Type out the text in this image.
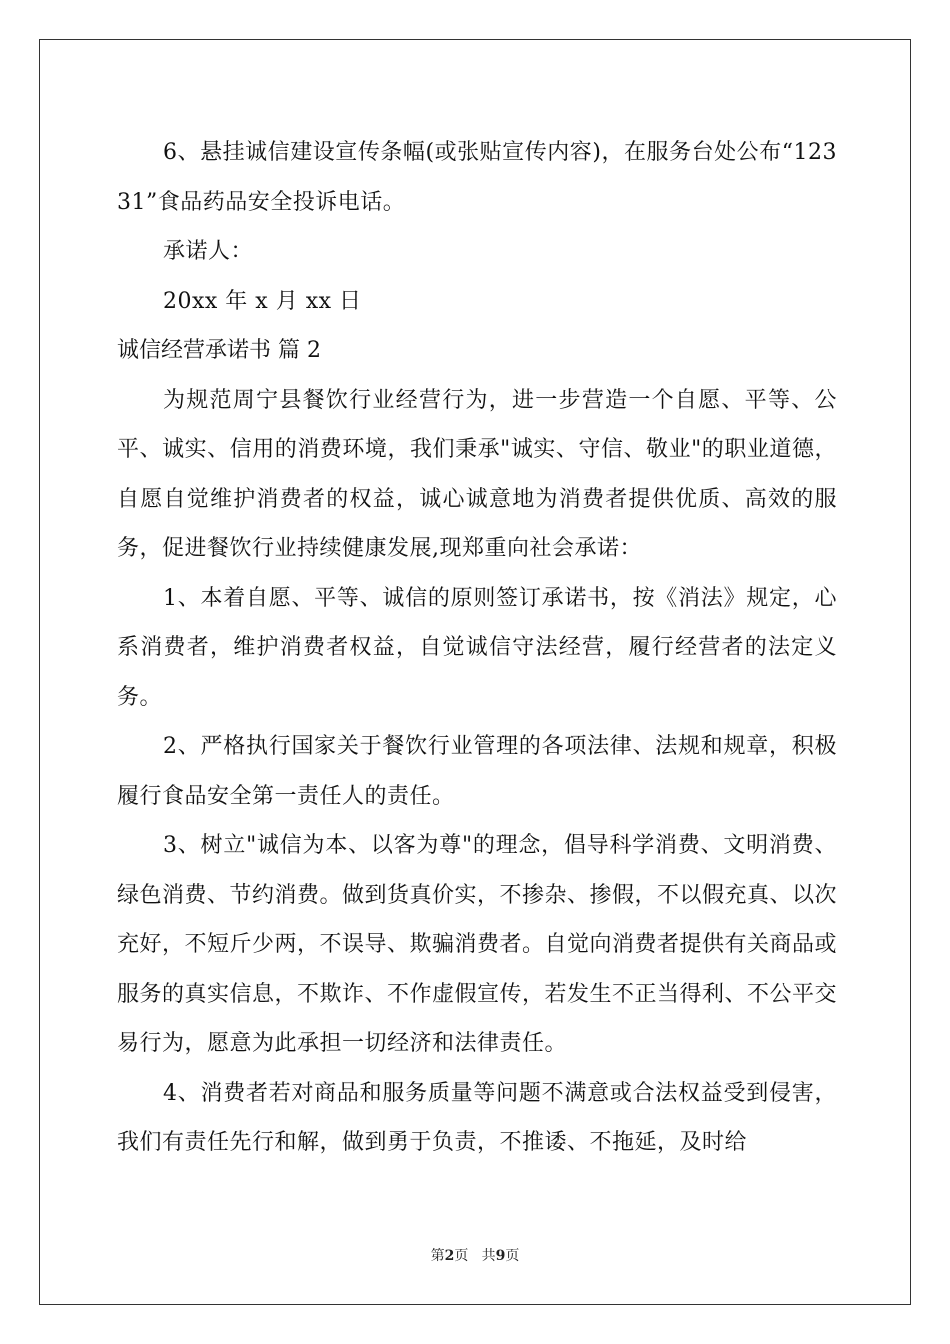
6、悬挂诚信建设宣传条幅(或张贴宣传内容)，在服务台处公布“12331”食品药品安全投诉电话。

承诺人：

20xx 年 x 月 xx 日

诚信经营承诺书 篇 2

为规范周宁县餐饮行业经营行为，进一步营造一个自愿、平等、公平、诚实、信用的消费环境，我们秉承"诚实、守信、敬业"的职业道德，自愿自觉维护消费者的权益，诚心诚意地为消费者提供优质、高效的服务，促进餐饮行业持续健康发展,现郑重向社会承诺：

1、本着自愿、平等、诚信的原则签订承诺书，按《消法》规定，心系消费者，维护消费者权益，自觉诚信守法经营，履行经营者的法定义务。

2、严格执行国家关于餐饮行业管理的各项法律、法规和规章，积极履行食品安全第一责任人的责任。

3、树立"诚信为本、以客为尊"的理念，倡导科学消费、文明消费、绿色消费、节约消费。做到货真价实，不掺杂、掺假，不以假充真、以次充好，不短斤少两，不误导、欺骗消费者。自觉向消费者提供有关商品或服务的真实信息，不欺诈、不作虚假宣传，若发生不正当得利、不公平交易行为，愿意为此承担一切经济和法律责任。

4、消费者若对商品和服务质量等问题不满意或合法权益受到侵害，我们有责任先行和解，做到勇于负责，不推诿、不拖延，及时给

第2页 共9页
